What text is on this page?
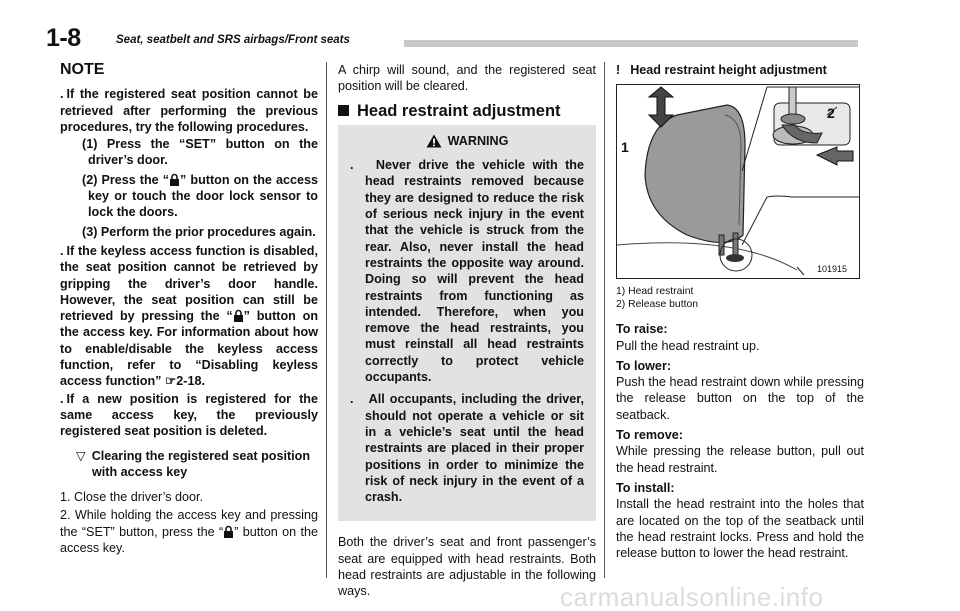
1-8	Seat, seatbelt and SRS airbags/Front seats
NOTE
. If the registered seat position cannot be retrieved after performing the previous procedures, try the following procedures.
(1) Press the “SET” button on the driver’s door.
(2) Press the “ ” button on the access key or touch the door lock sensor to lock the doors.
(3) Perform the prior procedures again.
. If the keyless access function is disabled, the seat position cannot be retrieved by gripping the driver’s door handle. However, the seat position can still be retrieved by pressing the “ ” button on the access key. For information about how to enable/disable the keyless access function, refer to “Disabling keyless access function” ☞2-18.
. If a new position is registered for the same access key, the previously registered seat position is deleted.
▽ Clearing the registered seat position with access key
1. Close the driver’s door.
2. While holding the access key and pressing the “SET” button, press the “ ” button on the access key.
A chirp will sound, and the registered seat position will be cleared.
Head restraint adjustment
WARNING
.   Never drive the vehicle with the head restraints removed because they are designed to reduce the risk of serious neck injury in the event that the vehicle is struck from the rear. Also, never install the head restraints the opposite way around. Doing so will prevent the head restraints from functioning as intended. Therefore, when you remove the head restraints, you must reinstall all head restraints correctly to protect vehicle occupants.
.   All occupants, including the driver, should not operate a vehicle or sit in a vehicle’s seat until the head restraints are placed in their proper positions in order to minimize the risk of neck injury in the event of a crash.
Both the driver’s seat and front passenger’s seat are equipped with head restraints. Both head restraints are adjustable in the following ways.
! Head restraint height adjustment
1
2
101915
1) Head restraint
2) Release button
To raise:
Pull the head restraint up.
To lower:
Push the head restraint down while pressing the release button on the top of the seatback.
To remove:
While pressing the release button, pull out the head restraint.
To install:
Install the head restraint into the holes that are located on the top of the seatback until the head restraint locks. Press and hold the release button to lower the head restraint.
carmanualsonline.info
